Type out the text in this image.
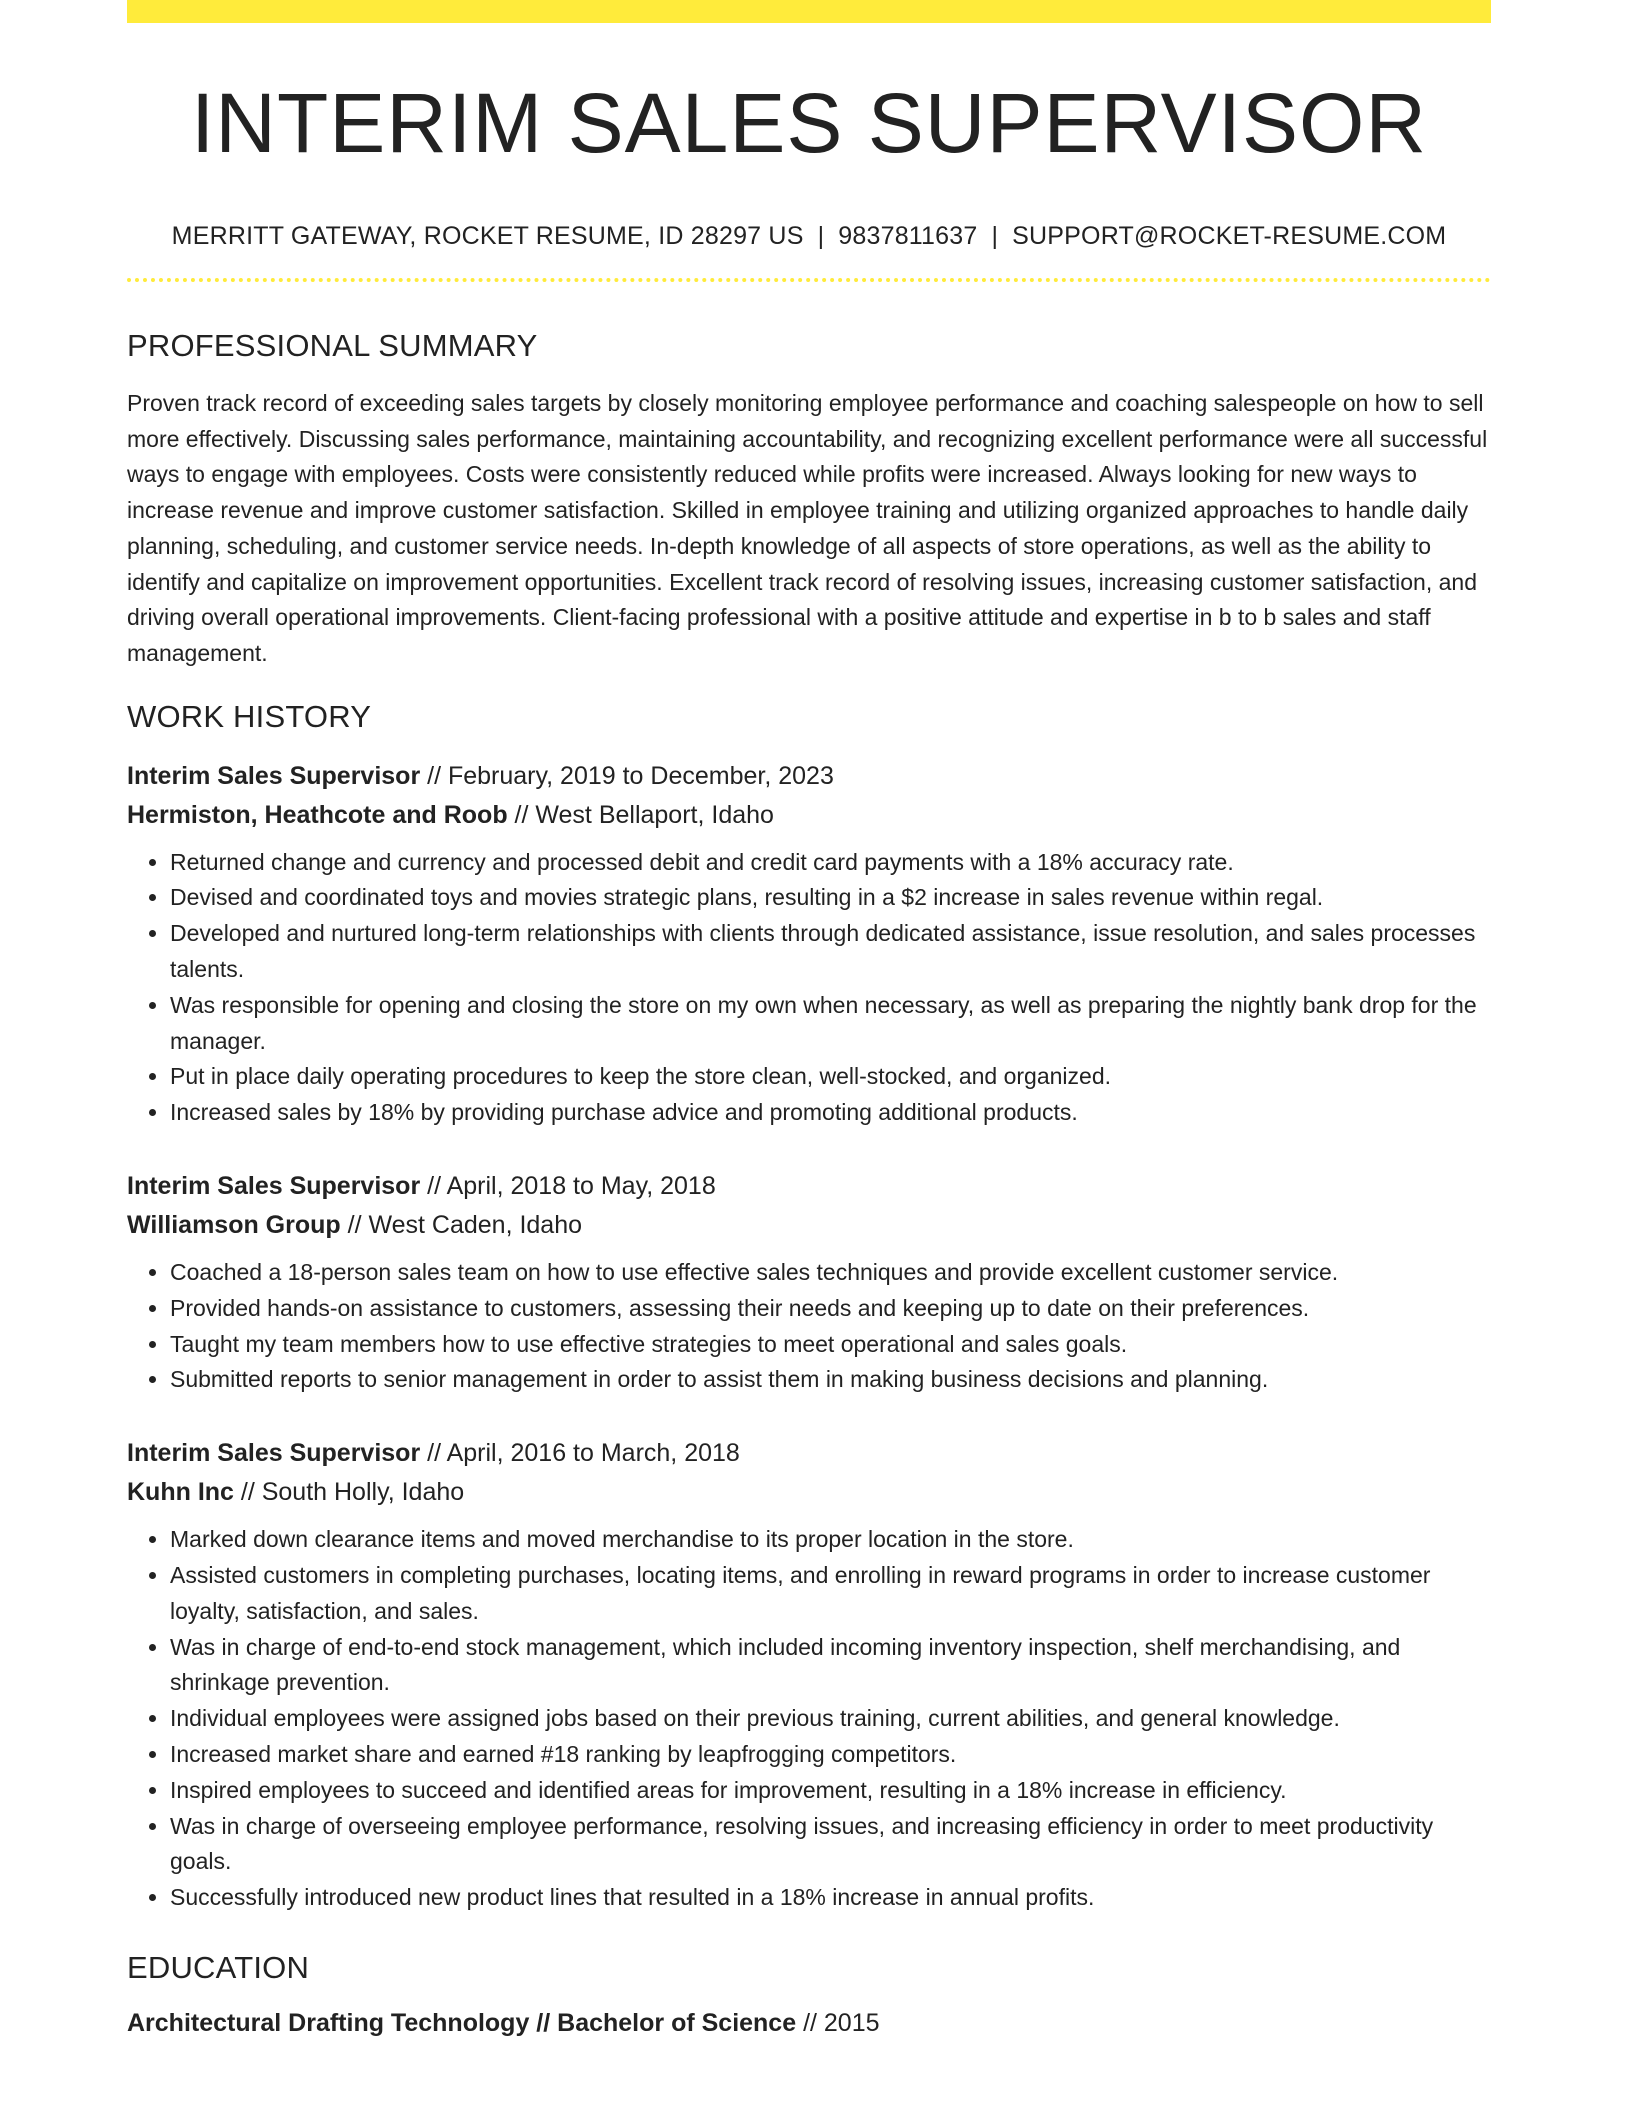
INTERIM SALES SUPERVISOR
MERRITT GATEWAY, ROCKET RESUME, ID 28297 US | 9837811637 | SUPPORT@ROCKET-RESUME.COM
PROFESSIONAL SUMMARY
Proven track record of exceeding sales targets by closely monitoring employee performance and coaching salespeople on how to sell more effectively. Discussing sales performance, maintaining accountability, and recognizing excellent performance were all successful ways to engage with employees. Costs were consistently reduced while profits were increased. Always looking for new ways to increase revenue and improve customer satisfaction. Skilled in employee training and utilizing organized approaches to handle daily planning, scheduling, and customer service needs. In-depth knowledge of all aspects of store operations, as well as the ability to identify and capitalize on improvement opportunities. Excellent track record of resolving issues, increasing customer satisfaction, and driving overall operational improvements. Client-facing professional with a positive attitude and expertise in b to b sales and staff management.
WORK HISTORY
Interim Sales Supervisor // February, 2019 to December, 2023
Hermiston, Heathcote and Roob // West Bellaport, Idaho
• Returned change and currency and processed debit and credit card payments with a 18% accuracy rate.
• Devised and coordinated toys and movies strategic plans, resulting in a $2 increase in sales revenue within regal.
• Developed and nurtured long-term relationships with clients through dedicated assistance, issue resolution, and sales processes talents.
• Was responsible for opening and closing the store on my own when necessary, as well as preparing the nightly bank drop for the manager.
• Put in place daily operating procedures to keep the store clean, well-stocked, and organized.
• Increased sales by 18% by providing purchase advice and promoting additional products.
Interim Sales Supervisor // April, 2018 to May, 2018
Williamson Group // West Caden, Idaho
• Coached a 18-person sales team on how to use effective sales techniques and provide excellent customer service.
• Provided hands-on assistance to customers, assessing their needs and keeping up to date on their preferences.
• Taught my team members how to use effective strategies to meet operational and sales goals.
• Submitted reports to senior management in order to assist them in making business decisions and planning.
Interim Sales Supervisor // April, 2016 to March, 2018
Kuhn Inc // South Holly, Idaho
• Marked down clearance items and moved merchandise to its proper location in the store.
• Assisted customers in completing purchases, locating items, and enrolling in reward programs in order to increase customer loyalty, satisfaction, and sales.
• Was in charge of end-to-end stock management, which included incoming inventory inspection, shelf merchandising, and shrinkage prevention.
• Individual employees were assigned jobs based on their previous training, current abilities, and general knowledge.
• Increased market share and earned #18 ranking by leapfrogging competitors.
• Inspired employees to succeed and identified areas for improvement, resulting in a 18% increase in efficiency.
• Was in charge of overseeing employee performance, resolving issues, and increasing efficiency in order to meet productivity goals.
• Successfully introduced new product lines that resulted in a 18% increase in annual profits.
EDUCATION
Architectural Drafting Technology // Bachelor of Science // 2015
